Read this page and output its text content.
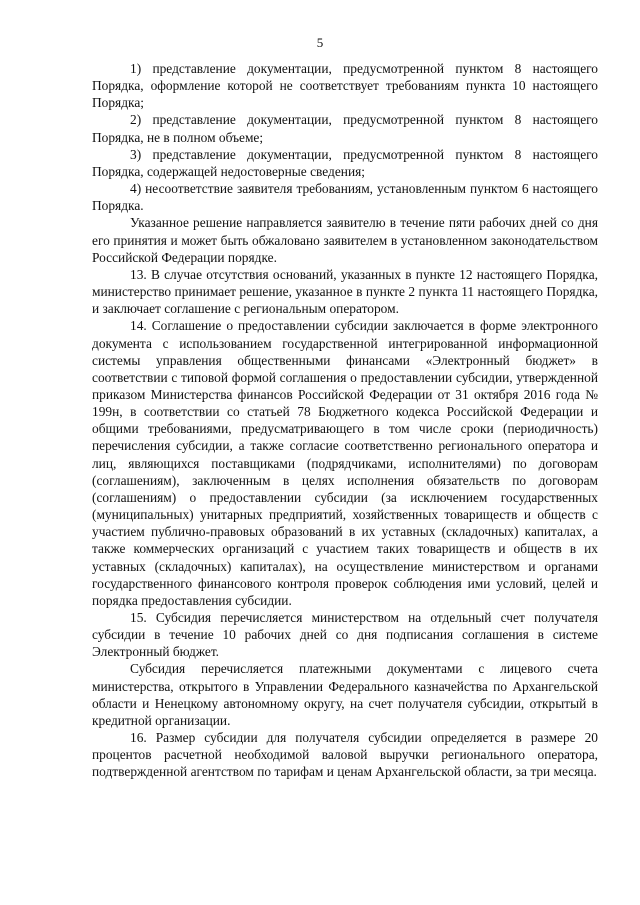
5

1) представление документации, предусмотренной пунктом 8 настоящего Порядка, оформление которой не соответствует требованиям пункта 10 настоящего Порядка;

2) представление документации, предусмотренной пунктом 8 настоящего Порядка, не в полном объеме;

3) представление документации, предусмотренной пунктом 8 настоящего Порядка, содержащей недостоверные сведения;

4) несоответствие заявителя требованиям, установленным пунктом 6 настоящего Порядка.

Указанное решение направляется заявителю в течение пяти рабочих дней со дня его принятия и может быть обжаловано заявителем в установленном законодательством Российской Федерации порядке.

13. В случае отсутствия оснований, указанных в пункте 12 настоящего Порядка, министерство принимает решение, указанное в пункте 2 пункта 11 настоящего Порядка, и заключает соглашение с региональным оператором.

14. Соглашение о предоставлении субсидии заключается в форме электронного документа с использованием государственной интегрированной информационной системы управления общественными финансами «Электронный бюджет» в соответствии с типовой формой соглашения о предоставлении субсидии, утвержденной приказом Министерства финансов Российской Федерации от 31 октября 2016 года № 199н, в соответствии со статьей 78 Бюджетного кодекса Российской Федерации и общими требованиями, предусматривающего в том числе сроки (периодичность) перечисления субсидии, а также согласие соответственно регионального оператора и лиц, являющихся поставщиками (подрядчиками, исполнителями) по договорам (соглашениям), заключенным в целях исполнения обязательств по договорам (соглашениям) о предоставлении субсидии (за исключением государственных (муниципальных) унитарных предприятий, хозяйственных товариществ и обществ с участием публично-правовых образований в их уставных (складочных) капиталах, а также коммерческих организаций с участием таких товариществ и обществ в их уставных (складочных) капиталах), на осуществление министерством и органами государственного финансового контроля проверок соблюдения ими условий, целей и порядка предоставления субсидии.

15. Субсидия перечисляется министерством на отдельный счет получателя субсидии в течение 10 рабочих дней со дня подписания соглашения в системе Электронный бюджет.

Субсидия перечисляется платежными документами с лицевого счета министерства, открытого в Управлении Федерального казначейства по Архангельской области и Ненецкому автономному округу, на счет получателя субсидии, открытый в кредитной организации.

16. Размер субсидии для получателя субсидии определяется в размере 20 процентов расчетной необходимой валовой выручки регионального оператора, подтвержденной агентством по тарифам и ценам Архангельской области, за три месяца.
